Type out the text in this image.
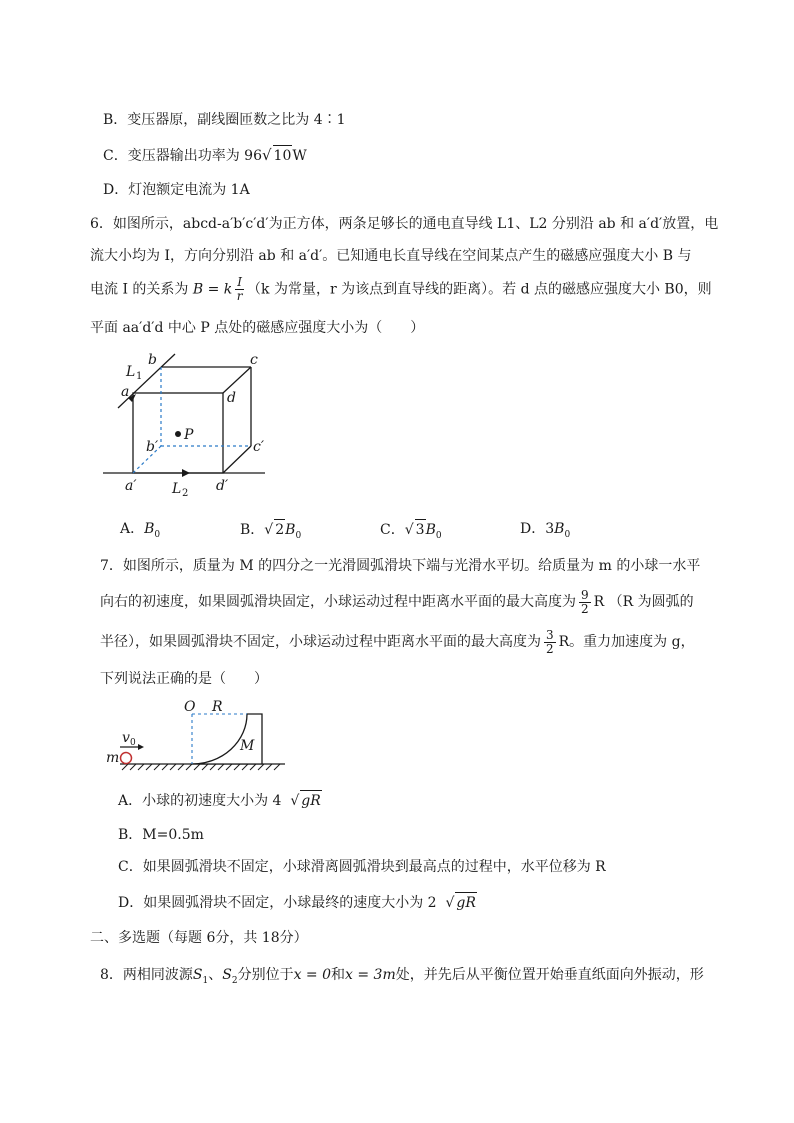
B．变压器原，副线圈匝数之比为 4∶1
C．变压器输出功率为 96√ 10W
D．灯泡额定电流为 1A
6．如图所示，abcd-a′b′c′d′为正方体，两条足够长的通电直导线 L1、L2 分别沿 ab 和 a′d′放置，电
流大小均为 I，方向分别沿 ab 和 a′d′。已知通电长直导线在空间某点产生的磁感应强度大小 B 与
电流 I 的关系为 B = k $\frac{I}{r} (k$ 为常量，r 为该点到直导线的距离）。若 d 点的磁感应强度大小 B0，则
平面 aa′d′d 中心 P 点处的磁感应强度大小为（　　）
a
b	c
d
a′
b′	c′
d′
P
L
L
1
2
A．$B_0$	B．√ $2B_0$	C．√ $3B_0$	D．$3B_0$
7．如图所示，质量为 M 的四分之一光滑圆弧滑块下端与光滑水平切。给质量为 m 的小球一水平
向右的初速度，如果圆弧滑块固定，小球运动过程中距离水平面的最大高度为 $\frac{9}{2}$ R （R 为圆弧的
半径），如果圆弧滑块不固定，小球运动过程中距离水平面的最大高度为 $\frac{3}{2}$ R。重力加速度为 g，
下列说法正确的是（　　）
O R
M
m
v 0
A．小球的初速度大小为 4 √ gR
B．M=0.5m
C．如果圆弧滑块不固定，小球滑离圆弧滑块到最高点的过程中，水平位移为 R
D．如果圆弧滑块不固定，小球最终的速度大小为 2 √ gR
二、多选题（每题 6分，共 18分）
8．两相同波源$S_1$、$S_2$分别位于x = 0和x = 3m处，并先后从平衡位置开始垂直纸面向外振动，形
